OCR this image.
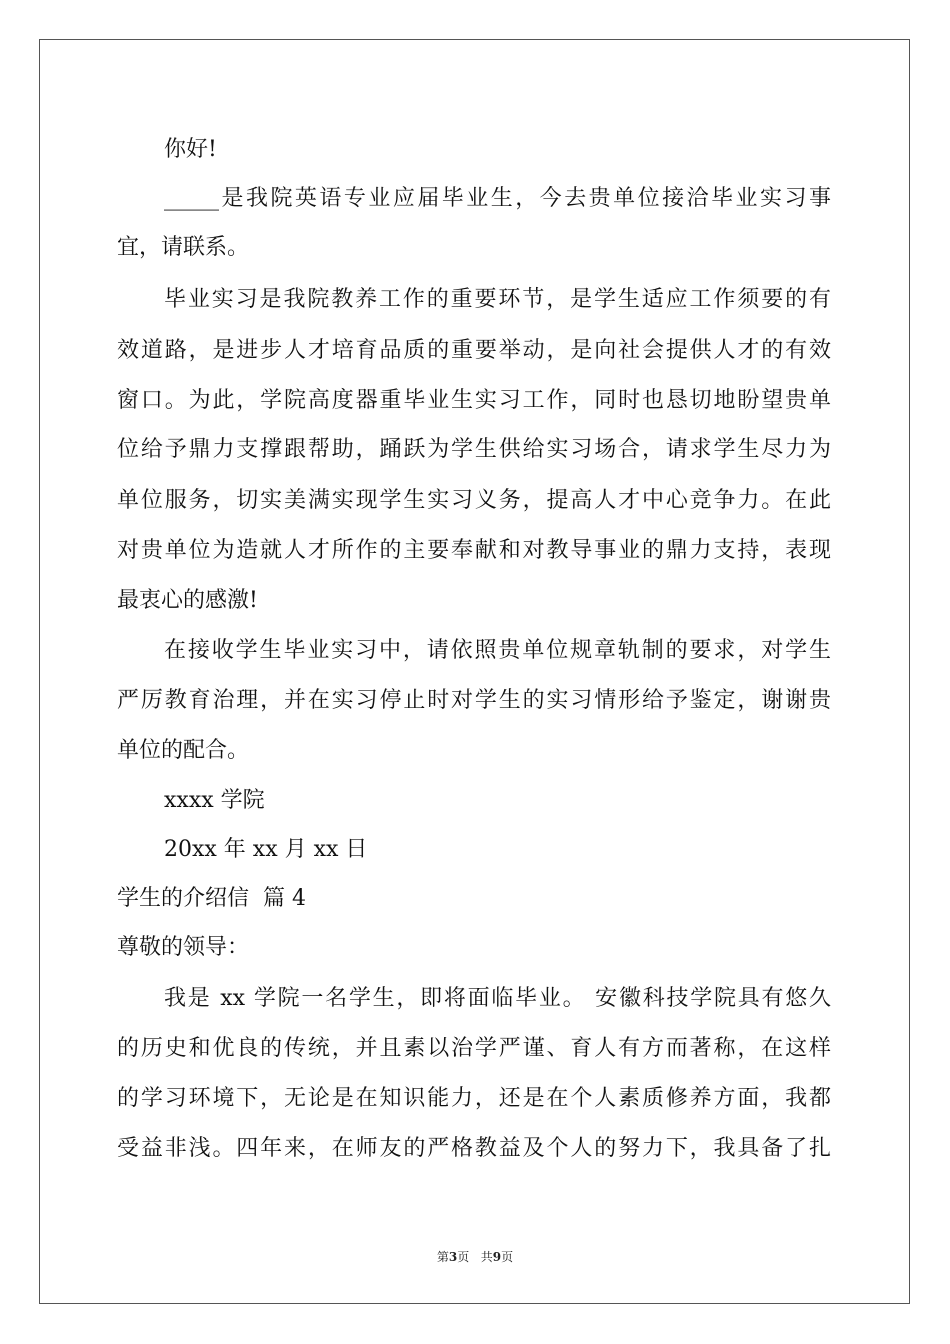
你好!
_____是我院英语专业应届毕业生，今去贵单位接洽毕业实习事
宜，请联系。
毕业实习是我院教养工作的重要环节，是学生适应工作须要的有
效道路，是进步人才培育品质的重要举动，是向社会提供人才的有效
窗口。为此，学院高度器重毕业生实习工作，同时也恳切地盼望贵单
位给予鼎力支撑跟帮助，踊跃为学生供给实习场合，请求学生尽力为
单位服务，切实美满实现学生实习义务，提高人才中心竞争力。在此
对贵单位为造就人才所作的主要奉献和对教导事业的鼎力支持，表现
最衷心的感激!
在接收学生毕业实习中，请依照贵单位规章轨制的要求，对学生
严厉教育治理，并在实习停止时对学生的实习情形给予鉴定，谢谢贵
单位的配合。
xxxx 学院
20xx 年 xx 月 xx 日
学生的介绍信  篇 4
尊敬的领导：
我是 xx 学院一名学生，即将面临毕业。 安徽科技学院具有悠久
的历史和优良的传统，并且素以治学严谨、育人有方而著称，在这样
的学习环境下，无论是在知识能力，还是在个人素质修养方面，我都
受益非浅。四年来，在师友的严格教益及个人的努力下，我具备了扎
第3页   共9页
